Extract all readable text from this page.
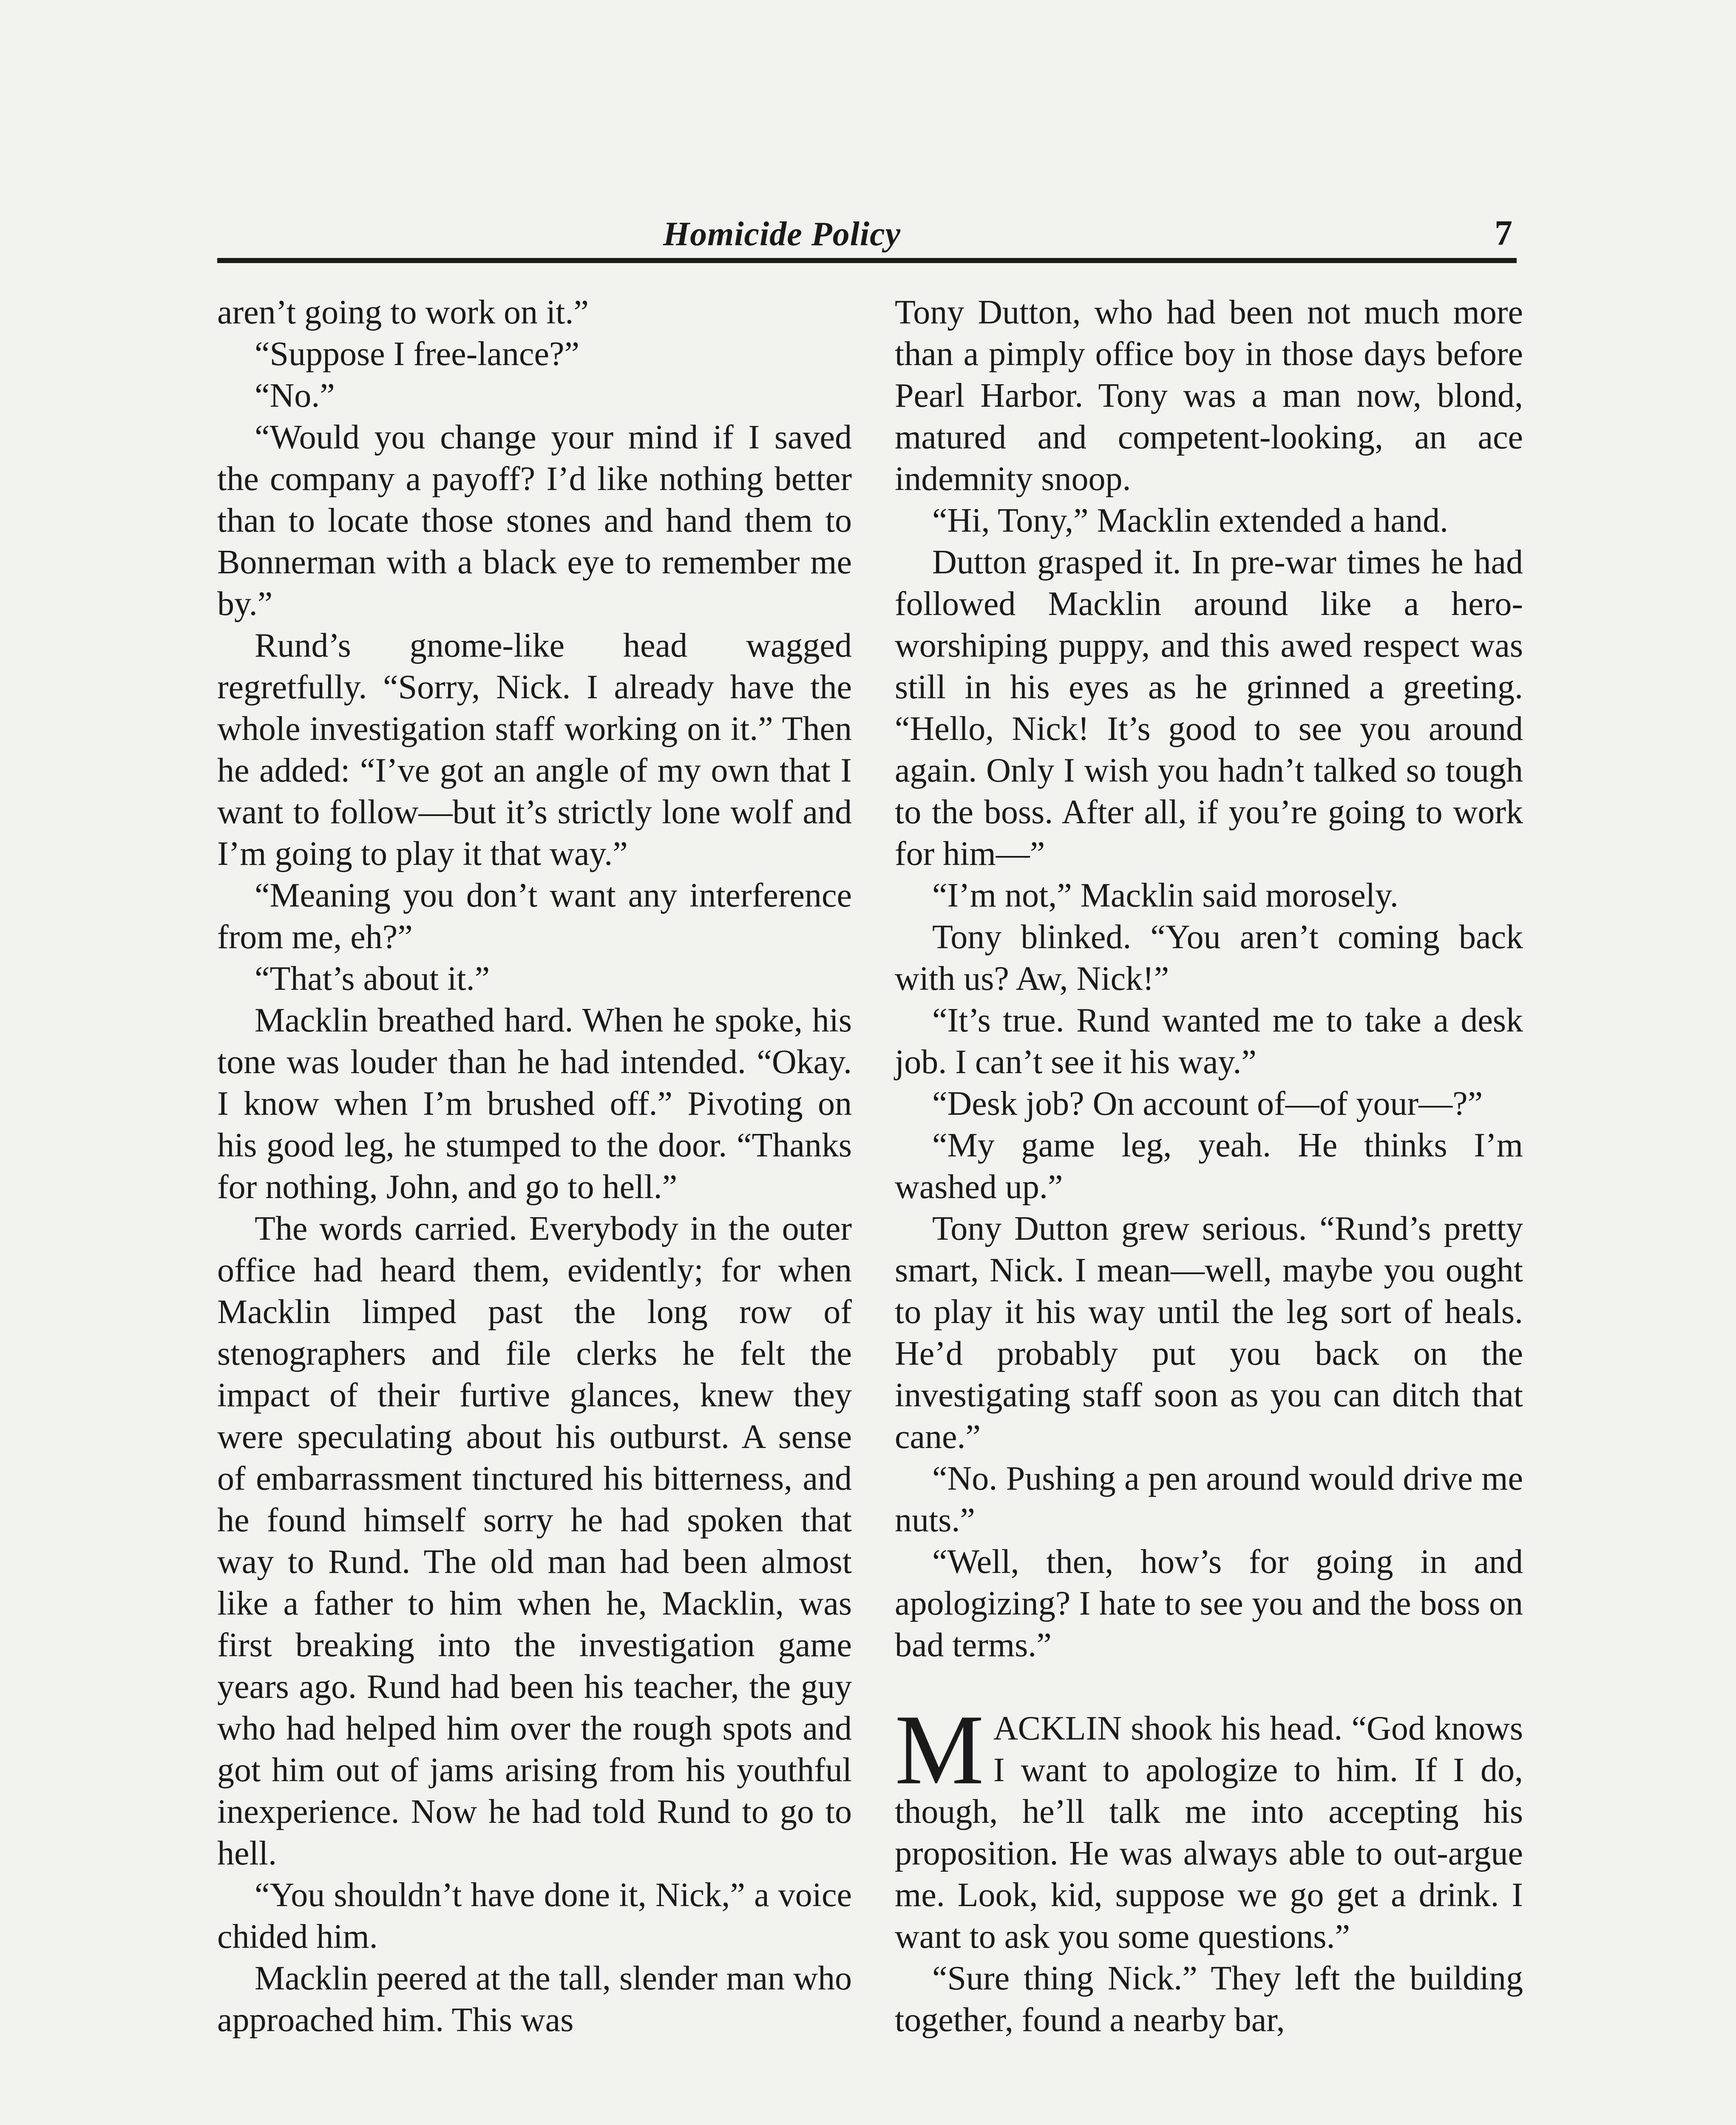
Homicide Policy	7

aren’t going to work on it.”

“Suppose I free-lance?”

“No.”

“Would you change your mind if I saved the company a payoff? I’d like nothing better than to locate those stones and hand them to Bonnerman with a black eye to remember me by.”

Rund’s gnome-like head wagged regretfully. “Sorry, Nick. I already have the whole investigation staff working on it.” Then he added: “I’ve got an angle of my own that I want to follow—but it’s strictly lone wolf and I’m going to play it that way.”

“Meaning you don’t want any interference from me, eh?”

“That’s about it.”

Macklin breathed hard. When he spoke, his tone was louder than he had intended. “Okay. I know when I’m brushed off.” Pivoting on his good leg, he stumped to the door. “Thanks for nothing, John, and go to hell.”

The words carried. Everybody in the outer office had heard them, evidently; for when Macklin limped past the long row of stenographers and file clerks he felt the impact of their furtive glances, knew they were speculating about his outburst. A sense of embarrassment tinctured his bitterness, and he found himself sorry he had spoken that way to Rund. The old man had been almost like a father to him when he, Macklin, was first breaking into the investigation game years ago. Rund had been his teacher, the guy who had helped him over the rough spots and got him out of jams arising from his youthful inexperience. Now he had told Rund to go to hell.

“You shouldn’t have done it, Nick,” a voice chided him.

Macklin peered at the tall, slender man who approached him. This was

Tony Dutton, who had been not much more than a pimply office boy in those days before Pearl Harbor. Tony was a man now, blond, matured and competent-looking, an ace indemnity snoop.

“Hi, Tony,” Macklin extended a hand.

Dutton grasped it. In pre-war times he had followed Macklin around like a hero-worshiping puppy, and this awed respect was still in his eyes as he grinned a greeting. “Hello, Nick! It’s good to see you around again. Only I wish you hadn’t talked so tough to the boss. After all, if you’re going to work for him—”

“I’m not,” Macklin said morosely.

Tony blinked. “You aren’t coming back with us? Aw, Nick!”

“It’s true. Rund wanted me to take a desk job. I can’t see it his way.”

“Desk job? On account of—of your—?”

“My game leg, yeah. He thinks I’m washed up.”

Tony Dutton grew serious. “Rund’s pretty smart, Nick. I mean—well, maybe you ought to play it his way until the leg sort of heals. He’d probably put you back on the investigating staff soon as you can ditch that cane.”

“No. Pushing a pen around would drive me nuts.”

“Well, then, how’s for going in and apologizing? I hate to see you and the boss on bad terms.”

MACKLIN shook his head. “God knows I want to apologize to him. If I do, though, he’ll talk me into accepting his proposition. He was always able to out-argue me. Look, kid, suppose we go get a drink. I want to ask you some questions.”

“Sure thing Nick.” They left the building together, found a nearby bar,
